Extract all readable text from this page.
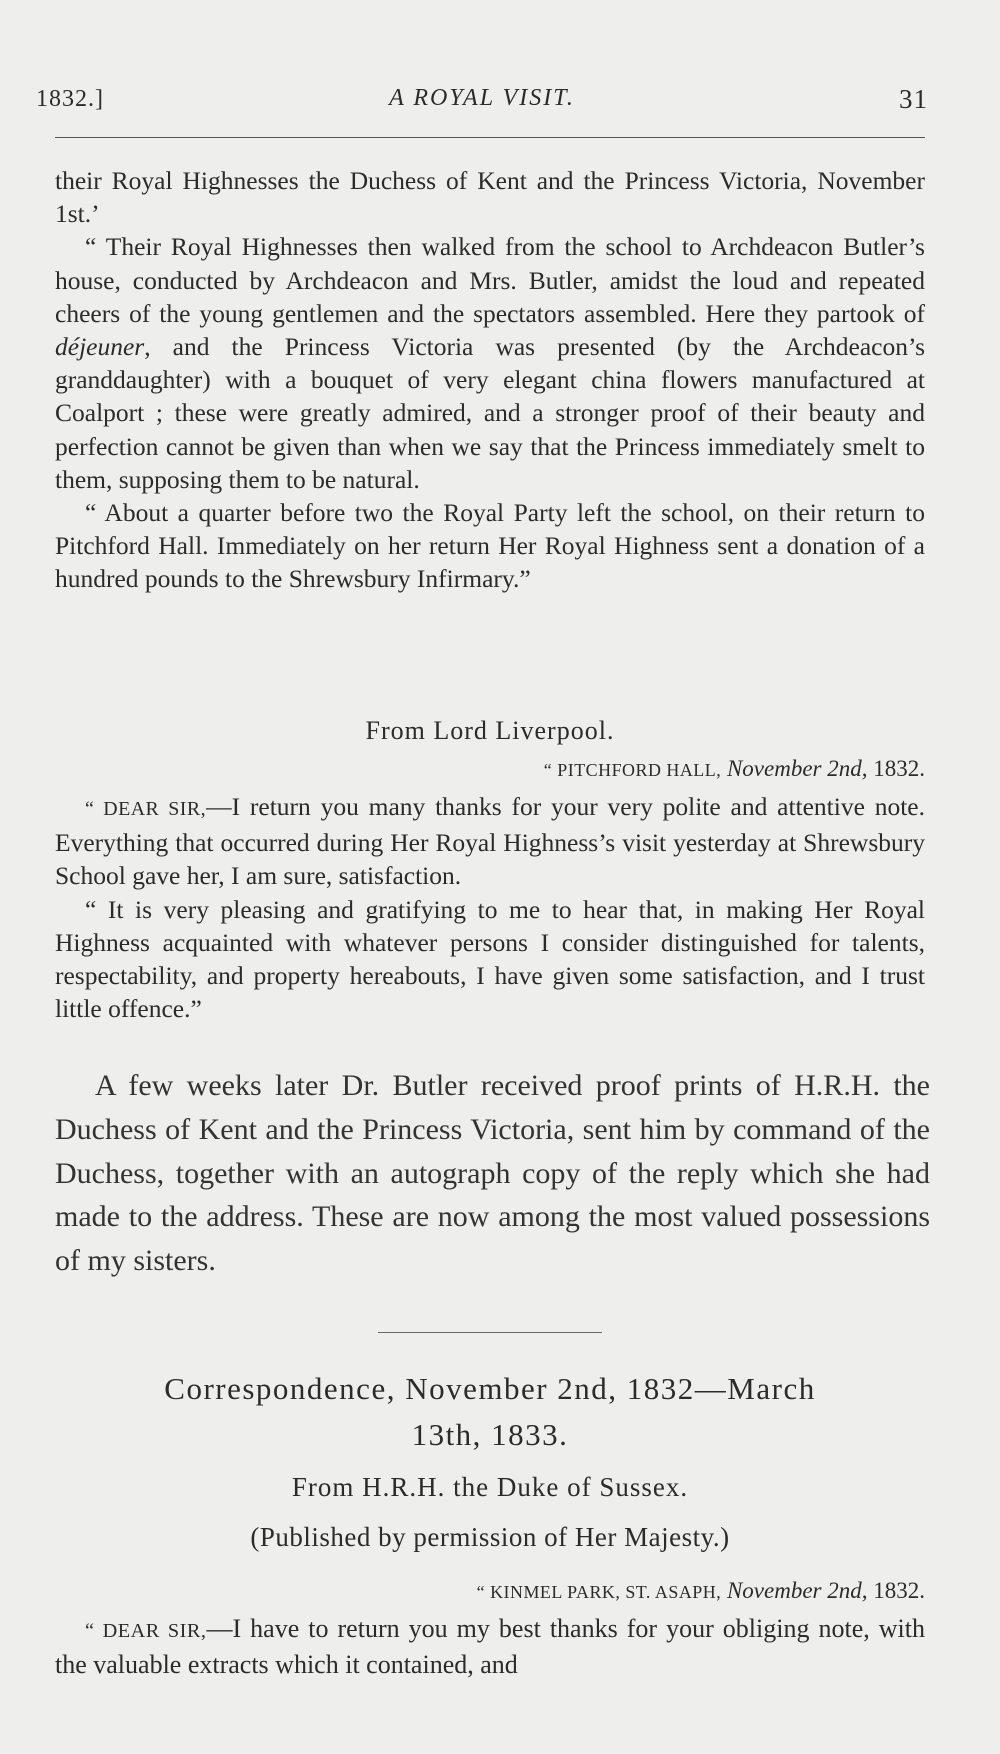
1832.]	A ROYAL VISIT.	31

their Royal Highnesses the Duchess of Kent and the Princess Victoria, November 1st.’

“ Their Royal Highnesses then walked from the school to Archdeacon Butler’s house, conducted by Archdeacon and Mrs. Butler, amidst the loud and repeated cheers of the young gentlemen and the spectators assembled. Here they partook of déjeuner, and the Princess Victoria was presented (by the Archdeacon’s granddaughter) with a bouquet of very elegant china flowers manufactured at Coalport ; these were greatly admired, and a stronger proof of their beauty and perfection cannot be given than when we say that the Princess immediately smelt to them, supposing them to be natural.

“ About a quarter before two the Royal Party left the school, on their return to Pitchford Hall. Immediately on her return Her Royal Highness sent a donation of a hundred pounds to the Shrewsbury Infirmary.”

From Lord Liverpool.
“ PITCHFORD HALL, November 2nd, 1832.

“ DEAR SIR,—I return you many thanks for your very polite and attentive note. Everything that occurred during Her Royal Highness’s visit yesterday at Shrewsbury School gave her, I am sure, satisfaction.

“ It is very pleasing and gratifying to me to hear that, in making Her Royal Highness acquainted with whatever persons I consider distinguished for talents, respectability, and property hereabouts, I have given some satisfaction, and I trust little offence.”

A few weeks later Dr. Butler received proof prints of H.R.H. the Duchess of Kent and the Princess Victoria, sent him by command of the Duchess, together with an autograph copy of the reply which she had made to the address. These are now among the most valued possessions of my sisters.

Correspondence, November 2nd, 1832—March
13th, 1833.
From H.R.H. the Duke of Sussex.
(Published by permission of Her Majesty.)
“ KINMEL PARK, ST. ASAPH, November 2nd, 1832.

“ DEAR SIR,—I have to return you my best thanks for your obliging note, with the valuable extracts which it contained, and
